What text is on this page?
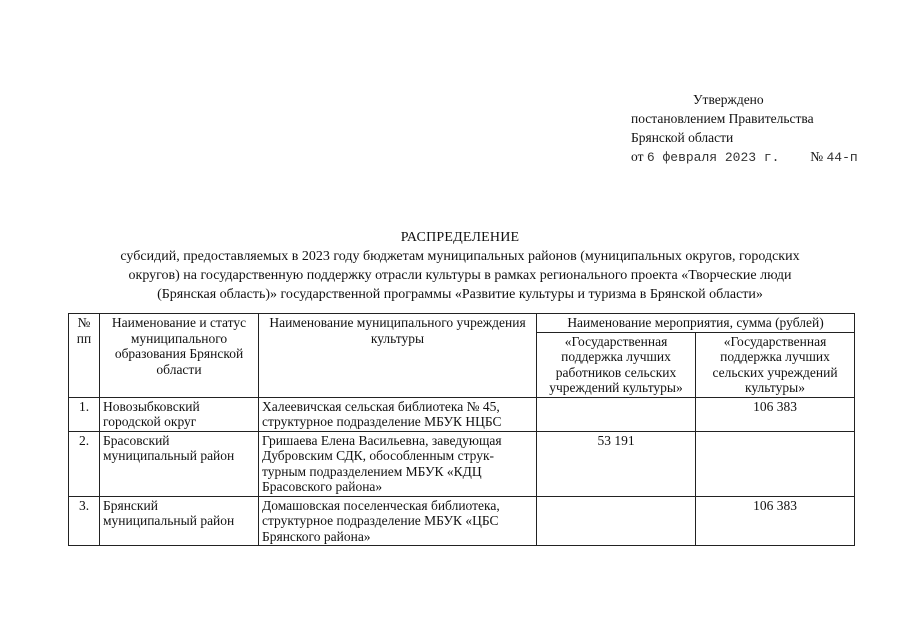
Утверждено
постановлением Правительства
Брянской области
от 6 февраля 2023 г. № 44-п
РАСПРЕДЕЛЕНИЕ
субсидий, предоставляемых в 2023 году бюджетам муниципальных районов (муниципальных округов, городских
округов) на государственную поддержку отрасли культуры в рамках регионального проекта «Творческие люди
(Брянская область)» государственной программы «Развитие культуры и туризма в Брянской области»
№ пп	Наименование и статус муниципального образования Брянской области	Наименование муниципального учреждения культуры	Наименование мероприятия, сумма (рублей)	
			«Государственная поддержка лучших работников сельских учреждений культуры»	«Государственная поддержка лучших сельских учреждений культуры»
1.	Новозыбковский городской округ	Халеевичская сельская библиотека № 45, структурное подразделение МБУК НЦБС		106 383
2.	Брасовский муниципальный район	Гришаева Елена Васильевна, заведующая Дубровским СДК, обособленным струк-турным подразделением МБУК «КДЦ Брасовского района»	53 191	
3.	Брянский муниципальный район	Домашовская поселенческая библиотека, структурное подразделение МБУК «ЦБС Брянского района»		106 383
